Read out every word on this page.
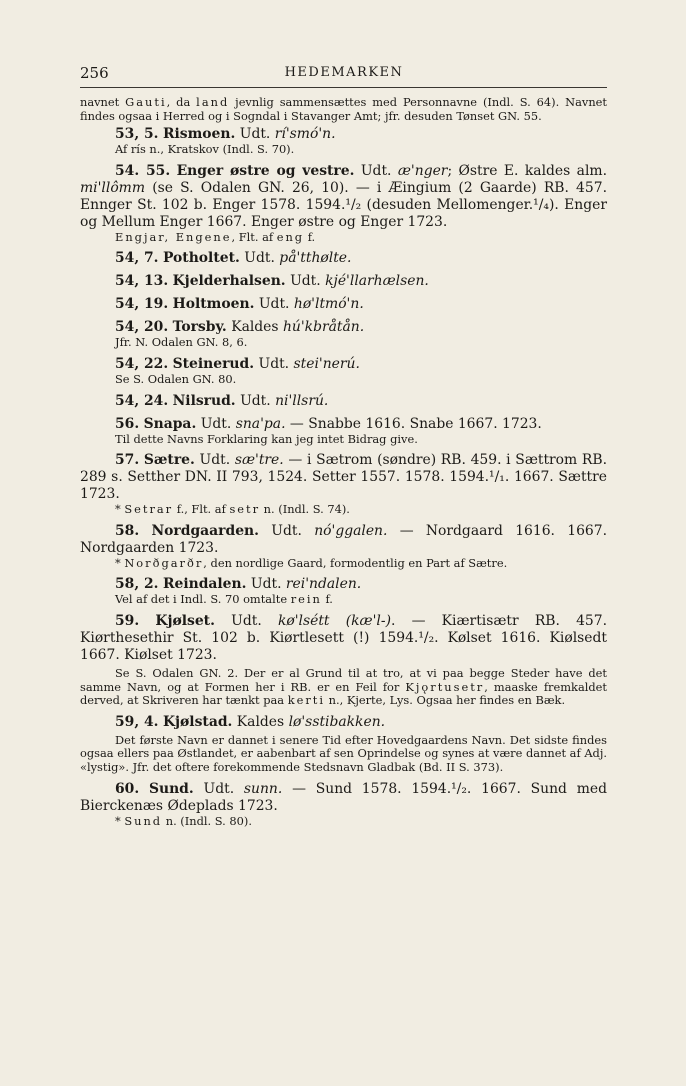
256	HEDEMARKEN

navnet Gauti, da land jevnlig sammensættes med Personnavne (Indl. S. 64). Navnet findes ogsaa i Herred og i Sogndal i Stavanger Amt; jfr. desuden Tønset GN. 55.

53, 5. Rismoen. Udt. rí'smó'n.

Af rís n., Kratskov (Indl. S. 70).

54. 55. Enger østre og vestre. Udt. æ'nger; Østre E. kaldes alm. mi'llômm (se S. Odalen GN. 26, 10). — i Æingium (2 Gaarde) RB. 457. Ennger St. 102 b. Enger 1578. 1594.¹/₂ (desuden Mellomenger.¹/₄). Enger og Mellum Enger 1667. Enger østre og Enger 1723.

Engjar, Engene, Flt. af eng f.

54, 7. Potholtet. Udt. på'tthølte.

54, 13. Kjelderhalsen. Udt. kjé'llarhælsen.

54, 19. Holtmoen. Udt. hø'ltmó'n.

54, 20. Torsby. Kaldes hú'kbråtån.

Jfr. N. Odalen GN. 8, 6.

54, 22. Steinerud. Udt. stei'nerú.

Se S. Odalen GN. 80.

54, 24. Nilsrud. Udt. ni'llsrú.

56. Snapa. Udt. sna'pa. — Snabbe 1616. Snabe 1667. 1723.

Til dette Navns Forklaring kan jeg intet Bidrag give.

57. Sætre. Udt. sæ'tre. — i Sætrom (søndre) RB. 459. i Sættrom RB. 289 s. Setther DN. II 793, 1524. Setter 1557. 1578. 1594.¹/₁. 1667. Sættre 1723.

* Setrar f., Flt. af setr n. (Indl. S. 74).

58. Nordgaarden. Udt. nó'ggalen. — Nordgaard 1616. 1667. Nordgaarden 1723.

* Norðgarðr, den nordlige Gaard, formodentlig en Part af Sætre.

58, 2. Reindalen. Udt. rei'ndalen.

Vel af det i Indl. S. 70 omtalte rein f.

59. Kjølset. Udt. kø'lsétt (kæ'l-). — Kiærtisætr RB. 457. Kiørthesethir St. 102 b. Kiørtlesett (!) 1594.¹/₂. Kølset 1616. Kiølsedt 1667. Kiølset 1723.

Se S. Odalen GN. 2. Der er al Grund til at tro, at vi paa begge Steder have det samme Navn, og at Formen her i RB. er en Feil for Kjǫrtusetr, maaske fremkaldet derved, at Skriveren har tænkt paa kerti n., Kjerte, Lys. Ogsaa her findes en Bæk.

59, 4. Kjølstad. Kaldes lø'sstibakken.

Det første Navn er dannet i senere Tid efter Hovedgaardens Navn. Det sidste findes ogsaa ellers paa Østlandet, er aabenbart af sen Oprindelse og synes at være dannet af Adj. «lystig». Jfr. det oftere forekommende Stedsnavn Gladbak (Bd. II S. 373).

60. Sund. Udt. sunn. — Sund 1578. 1594.¹/₂. 1667. Sund med Bierckenæs Ødeplads 1723.

* Sund n. (Indl. S. 80).
